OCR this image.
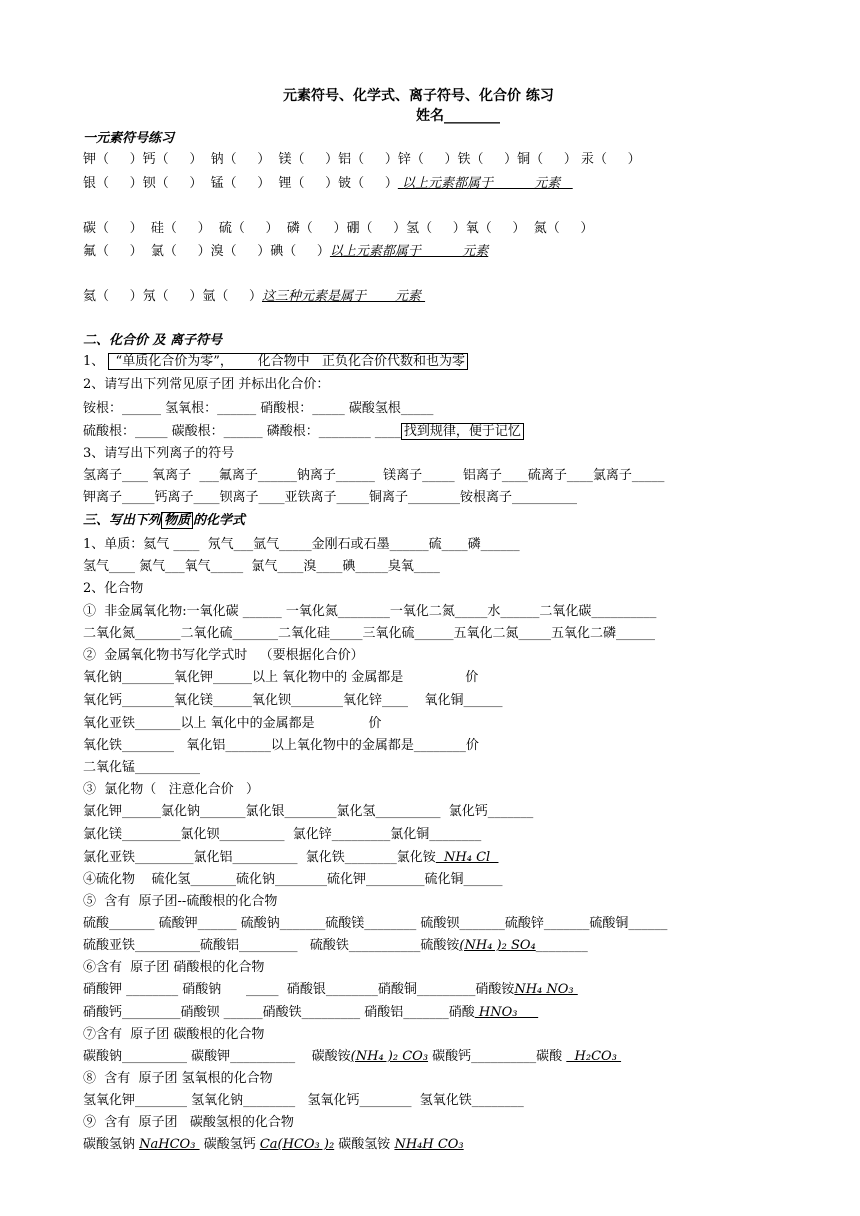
元素符号、化学式、离子符号、化合价 练习
姓名________
一元素符号练习
钾（     ）钙（     ）  钠（     ）  镁（     ）铝（     ）锌（     ）铁（     ）铜（     ） 汞（     ）
银（     ）钡（     ）  锰（     ）  锂（     ）铍（     ） 以上元素都属于          元素
碳（     ）  硅（     ）  硫（     ）  磷（     ）硼（     ）氢（     ）氧（     ）  氮（     ）
氟（     ）  氯（     ）溴（     ）碘（     ）以上元素都属于          元素
氦（     ）氖（     ）氩（     ）这三种元素是属于       元素
二、化合价 及 离子符号
1、  “单质化合价为零”，      化合物中   正负化合价代数和也为零
2、请写出下列常见原子团 并标出化合价：
铵根：______ 氢氧根：______ 硝酸根：_____ 碳酸氢根_____
硫酸根：_____ 碳酸根：______ 磷酸根：________ ____ 找到规律，便于记忆
3、请写出下列离子的符号
氢离子____ 氧离子  ___氟离子______钠离子______  镁离子_____  铝离子____硫离子____氯离子_____
钾离子_____钙离子____钡离子____亚铁离子_____铜离子________铵根离子__________
三、写出下列 物质 的化学式
1、单质：氦气 ____  氖气___氩气_____金刚石或石墨______硫____磷______
氢气____ 氮气___氧气_____  氯气____溴____碘_____臭氧____
2、化合物
①  非金属氧化物:一氧化碳 ______ 一氧化氮________一氧化二氮_____水______二氧化碳__________
二氧化氮_______二氧化硫_______二氧化硅_____三氧化硫______五氧化二氮_____五氧化二磷______
②  金属氧化物书写化学式时   （要根据化合价）
氧化钠________氧化钾______以上 氧化物中的 金属都是               价
氧化钙________氧化镁______氧化钡________氧化锌____    氧化铜______
氧化亚铁_______以上 氧化中的金属都是             价
氧化铁________   氧化铝_______以上氧化物中的金属都是________价
二氧化锰__________
③  氯化物（   注意化合价   ）
氯化钾______氯化钠_______氯化银________氯化氢__________  氯化钙_______
氯化镁_________氯化钡__________  氯化锌_________氯化铜________
氯化亚铁_________氯化铝__________  氯化铁________氯化铵  NH₄ Cl
④硫化物    硫化氢_______硫化钠________硫化钾_________硫化铜______
⑤  含有  原子团--硫酸根的化合物
硫酸_______ 硫酸钾______ 硫酸钠_______硫酸镁________ 硫酸钡_______硫酸锌_______硫酸铜______
硫酸亚铁__________硫酸铝_________   硫酸铁___________硫酸铵(NH₄ )₂ SO₄________
⑥含有  原子团 硝酸根的化合物
硝酸钾 ________ 硝酸钠      _____  硝酸银________硝酸铜_________硝酸铵NH₄ NO₃
硝酸钙_________硝酸钡 ______硝酸铁_________ 硝酸铝_______硝酸 HNO₃
⑦含有  原子团 碳酸根的化合物
碳酸钠__________ 碳酸钾__________    碳酸铵(NH₄ )₂ CO₃ 碳酸钙__________碳酸   H₂CO₃
⑧  含有  原子团 氢氧根的化合物
氢氧化钾________ 氢氧化钠________   氢氧化钙________  氢氧化铁________
⑨  含有  原子团   碳酸氢根的化合物
碳酸氢钠 NaHCO₃  碳酸氢钙 Ca(HCO₃ )₂ 碳酸氢铵 NH₄H CO₃
